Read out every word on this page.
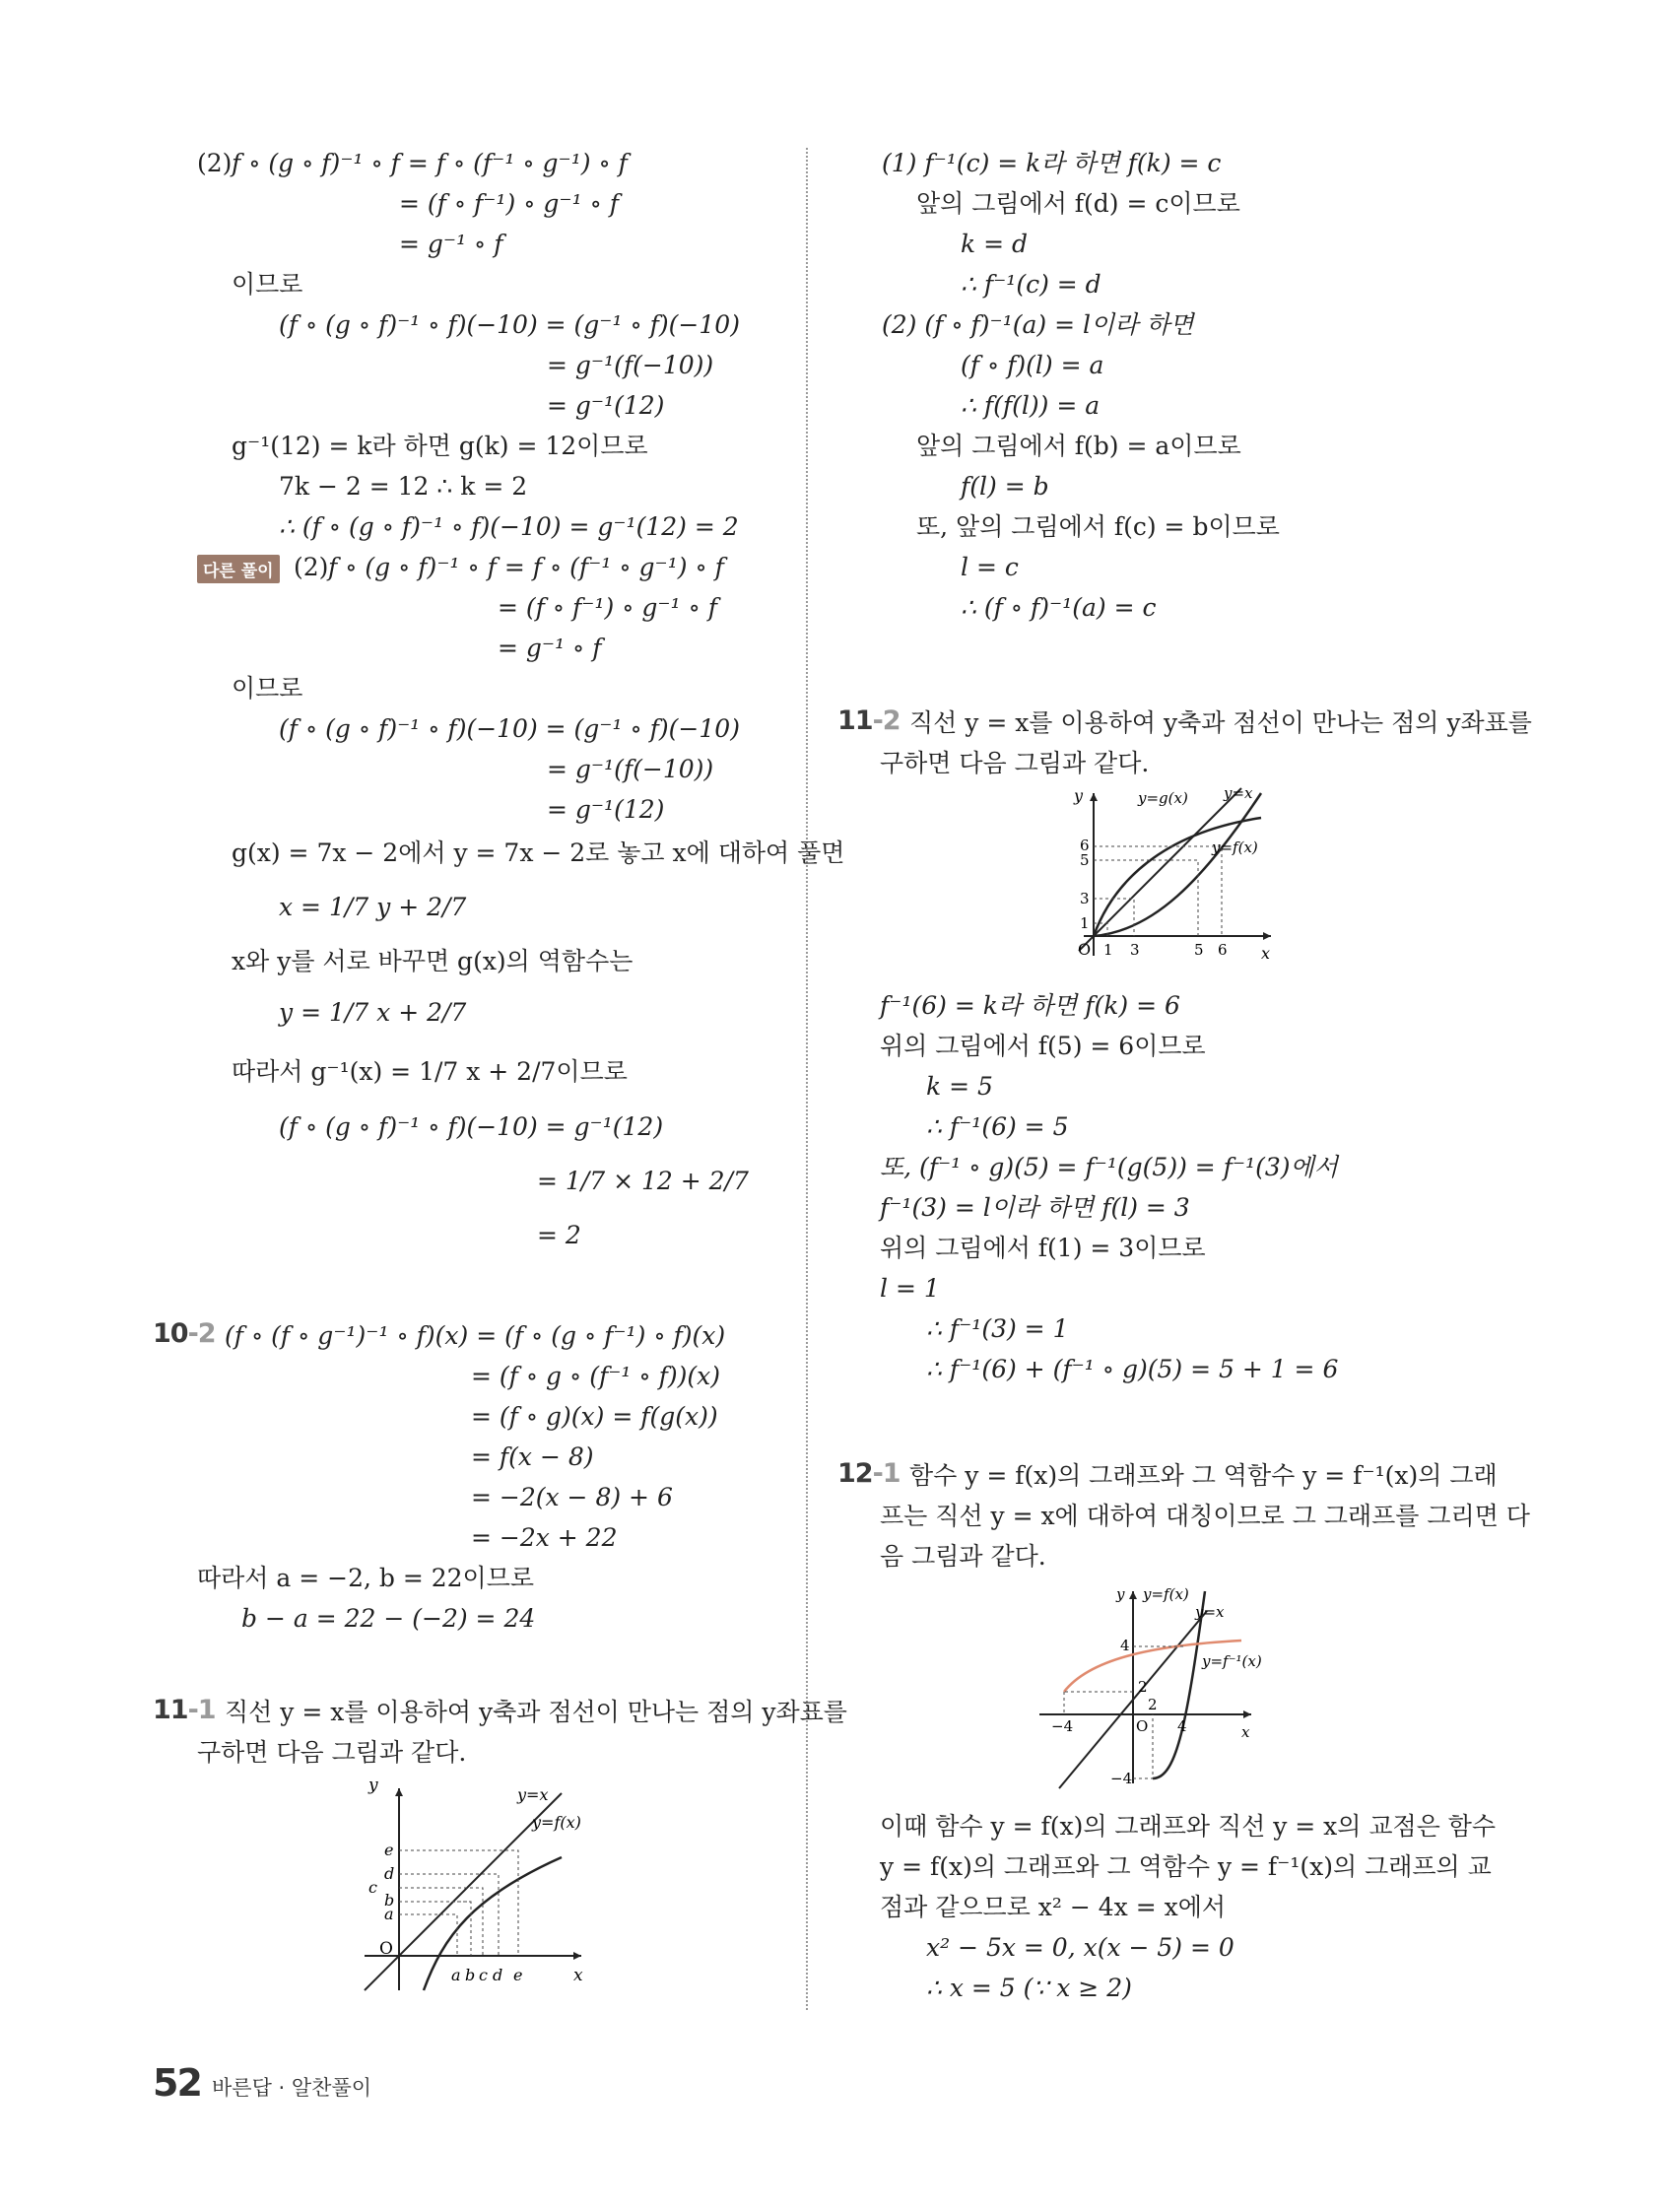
(2) f ∘ (g ∘ f)⁻¹ ∘ f = f ∘ (f⁻¹ ∘ g⁻¹) ∘ f
= (f ∘ f⁻¹) ∘ g⁻¹ ∘ f
= g⁻¹ ∘ f
이므로
(f ∘ (g ∘ f)⁻¹ ∘ f)(−10) = (g⁻¹ ∘ f)(−10)
= g⁻¹(f(−10))
= g⁻¹(12)
g⁻¹(12) = k라 하면 g(k) = 12이므로
7k − 2 = 12 ∴ k = 2
∴ (f ∘ (g ∘ f)⁻¹ ∘ f)(−10) = g⁻¹(12) = 2
다른 풀이 (2) f ∘ (g ∘ f)⁻¹ ∘ f = f ∘ (f⁻¹ ∘ g⁻¹) ∘ f
= (f ∘ f⁻¹) ∘ g⁻¹ ∘ f
= g⁻¹ ∘ f
이므로
(f ∘ (g ∘ f)⁻¹ ∘ f)(−10) = (g⁻¹ ∘ f)(−10)
= g⁻¹(f(−10))
= g⁻¹(12)
g(x) = 7x − 2에서 y = 7x − 2로 놓고 x에 대하여 풀면
x = 1/7 y + 2/7
x와 y를 서로 바꾸면 g(x)의 역함수는
y = 1/7 x + 2/7
따라서 g⁻¹(x) = 1/7 x + 2/7이므로
(f ∘ (g ∘ f)⁻¹ ∘ f)(−10) = g⁻¹(12)
= 1/7 × 12 + 2/7
= 2
10-2 (f ∘ (f ∘ g⁻¹)⁻¹ ∘ f)(x) = (f ∘ (g ∘ f⁻¹) ∘ f)(x)
= (f ∘ g ∘ (f⁻¹ ∘ f))(x)
= (f ∘ g)(x) = f(g(x))
= f(x − 8)
= −2(x − 8) + 6
= −2x + 22
따라서 a = −2, b = 22이므로
b − a = 22 − (−2) = 24
11-1 직선 y = x를 이용하여 y축과 점선이 만나는 점의 y좌표를
구하면 다음 그림과 같다.
y
x
O
y=x
y=f(x)
e
d
c
b
a
a b c d e
(1) f⁻¹(c) = k라 하면 f(k) = c
앞의 그림에서 f(d) = c이므로
k = d
∴ f⁻¹(c) = d
(2) (f ∘ f)⁻¹(a) = l이라 하면
(f ∘ f)(l) = a
∴ f(f(l)) = a
앞의 그림에서 f(b) = a이므로
f(l) = b
또, 앞의 그림에서 f(c) = b이므로
l = c
∴ (f ∘ f)⁻¹(a) = c
11-2 직선 y = x를 이용하여 y축과 점선이 만나는 점의 y좌표를
구하면 다음 그림과 같다.
y
x
O
y=g(x) y=x
y=f(x)
6
5
3
1
1 3	5 6
f⁻¹(6) = k라 하면 f(k) = 6
위의 그림에서 f(5) = 6이므로
k = 5
∴ f⁻¹(6) = 5
또, (f⁻¹ ∘ g)(5) = f⁻¹(g(5)) = f⁻¹(3)에서
f⁻¹(3) = l이라 하면 f(l) = 3
위의 그림에서 f(1) = 3이므로
l = 1
∴ f⁻¹(3) = 1
∴ f⁻¹(6) + (f⁻¹ ∘ g)(5) = 5 + 1 = 6
12-1 함수 y = f(x)의 그래프와 그 역함수 y = f⁻¹(x)의 그래
프는 직선 y = x에 대하여 대칭이므로 그 그래프를 그리면 다
음 그림과 같다.
y
x
O
y=f(x)
y=x
y=f⁻¹(x)
4
2
−4
−4
2
4
이때 함수 y = f(x)의 그래프와 직선 y = x의 교점은 함수
y = f(x)의 그래프와 그 역함수 y = f⁻¹(x)의 그래프의 교
점과 같으므로 x² − 4x = x에서
x² − 5x = 0, x(x − 5) = 0
∴ x = 5 (∵ x ≥ 2)
52 바른답 · 알찬풀이
